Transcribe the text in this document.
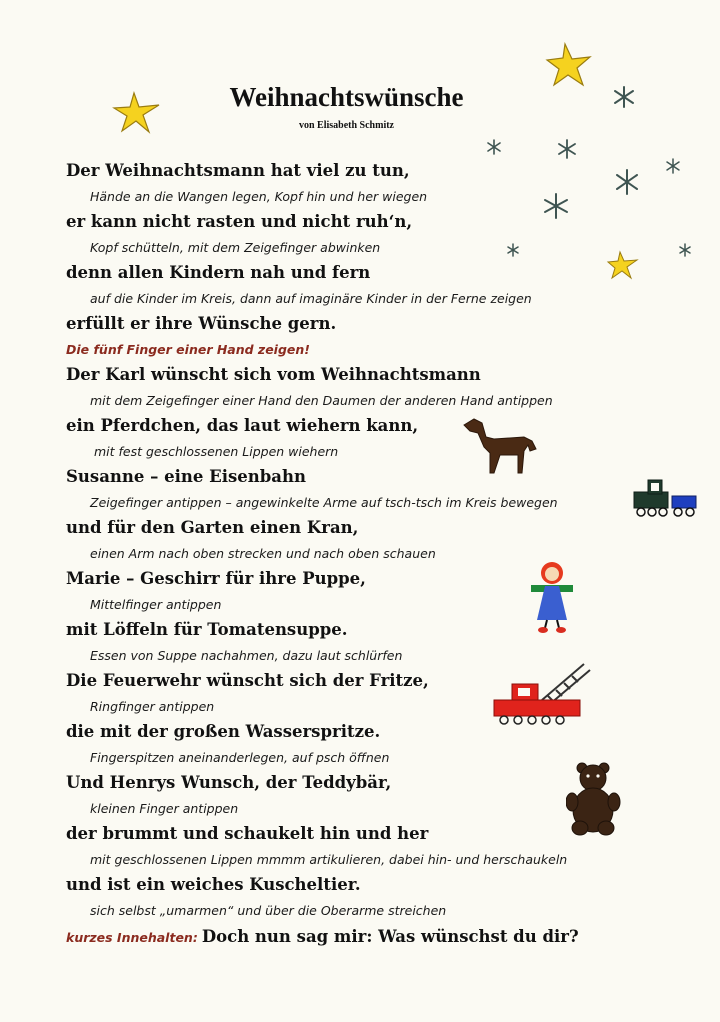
Weihnachtswünsche
von Elisabeth Schmitz
Der Weihnachtsmann hat viel zu tun,
Hände an die Wangen legen, Kopf hin und her wiegen
er kann nicht rasten und nicht ruh‘n,
Kopf schütteln, mit dem Zeigefinger abwinken
denn allen Kindern nah und fern
auf die Kinder im Kreis, dann auf imaginäre Kinder in der Ferne zeigen
erfüllt er ihre Wünsche gern.
Die fünf Finger einer Hand zeigen!
Der Karl wünscht sich vom Weihnachtsmann
mit dem Zeigefinger einer Hand den Daumen der anderen Hand antippen
ein Pferdchen, das laut wiehern kann,
mit fest geschlossenen Lippen wiehern
Susanne – eine Eisenbahn
Zeigefinger antippen – angewinkelte Arme auf tsch-tsch im Kreis bewegen
und für den Garten einen Kran,
einen Arm nach oben strecken und nach oben schauen
Marie – Geschirr für ihre Puppe,
Mittelfinger antippen
mit Löffeln für Tomatensuppe.
Essen von Suppe nachahmen, dazu laut schlürfen
Die Feuerwehr wünscht sich der Fritze,
Ringfinger antippen
die mit der großen Wasserspritze.
Fingerspitzen aneinanderlegen, auf psch öffnen
Und Henrys Wunsch, der Teddybär,
kleinen Finger antippen
der brummt und schaukelt hin und her
mit geschlossenen Lippen mmmm artikulieren, dabei hin- und herschaukeln
und ist ein weiches Kuscheltier.
sich selbst „umarmen“ und über die Oberarme streichen
kurzes Innehalten: Doch nun sag mir: Was wünschst du dir?
